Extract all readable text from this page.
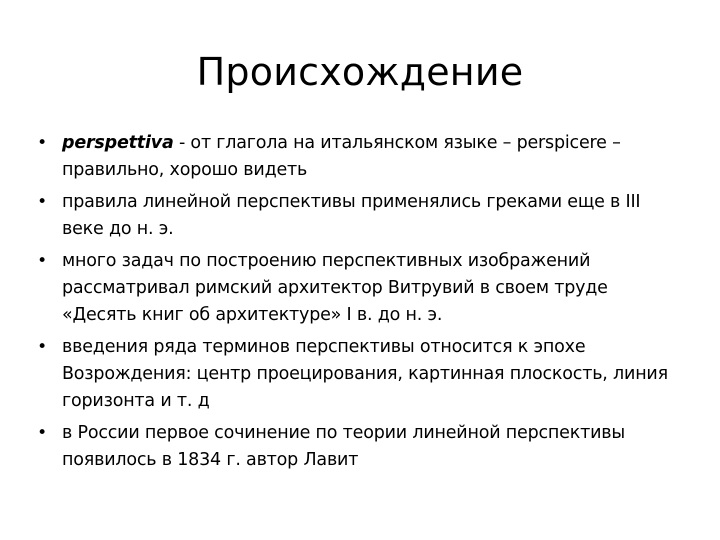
Происхождение
• perspettiva - от глагола на итальянском языке – perspicere – правильно, хорошо видеть
• правила линейной перспективы применялись греками еще в III веке до н. э.
• много задач по построению перспективных изображений рассматривал римский архитектор Витрувий в своем труде «Десять книг об архитектуре» I в. до н. э.
• введения ряда терминов перспективы относится к эпохе Возрождения: центр проецирования, картинная плоскость, линия горизонта и т. д
• в России первое сочинение по теории линейной перспективы появилось в 1834 г. автор Лавит
